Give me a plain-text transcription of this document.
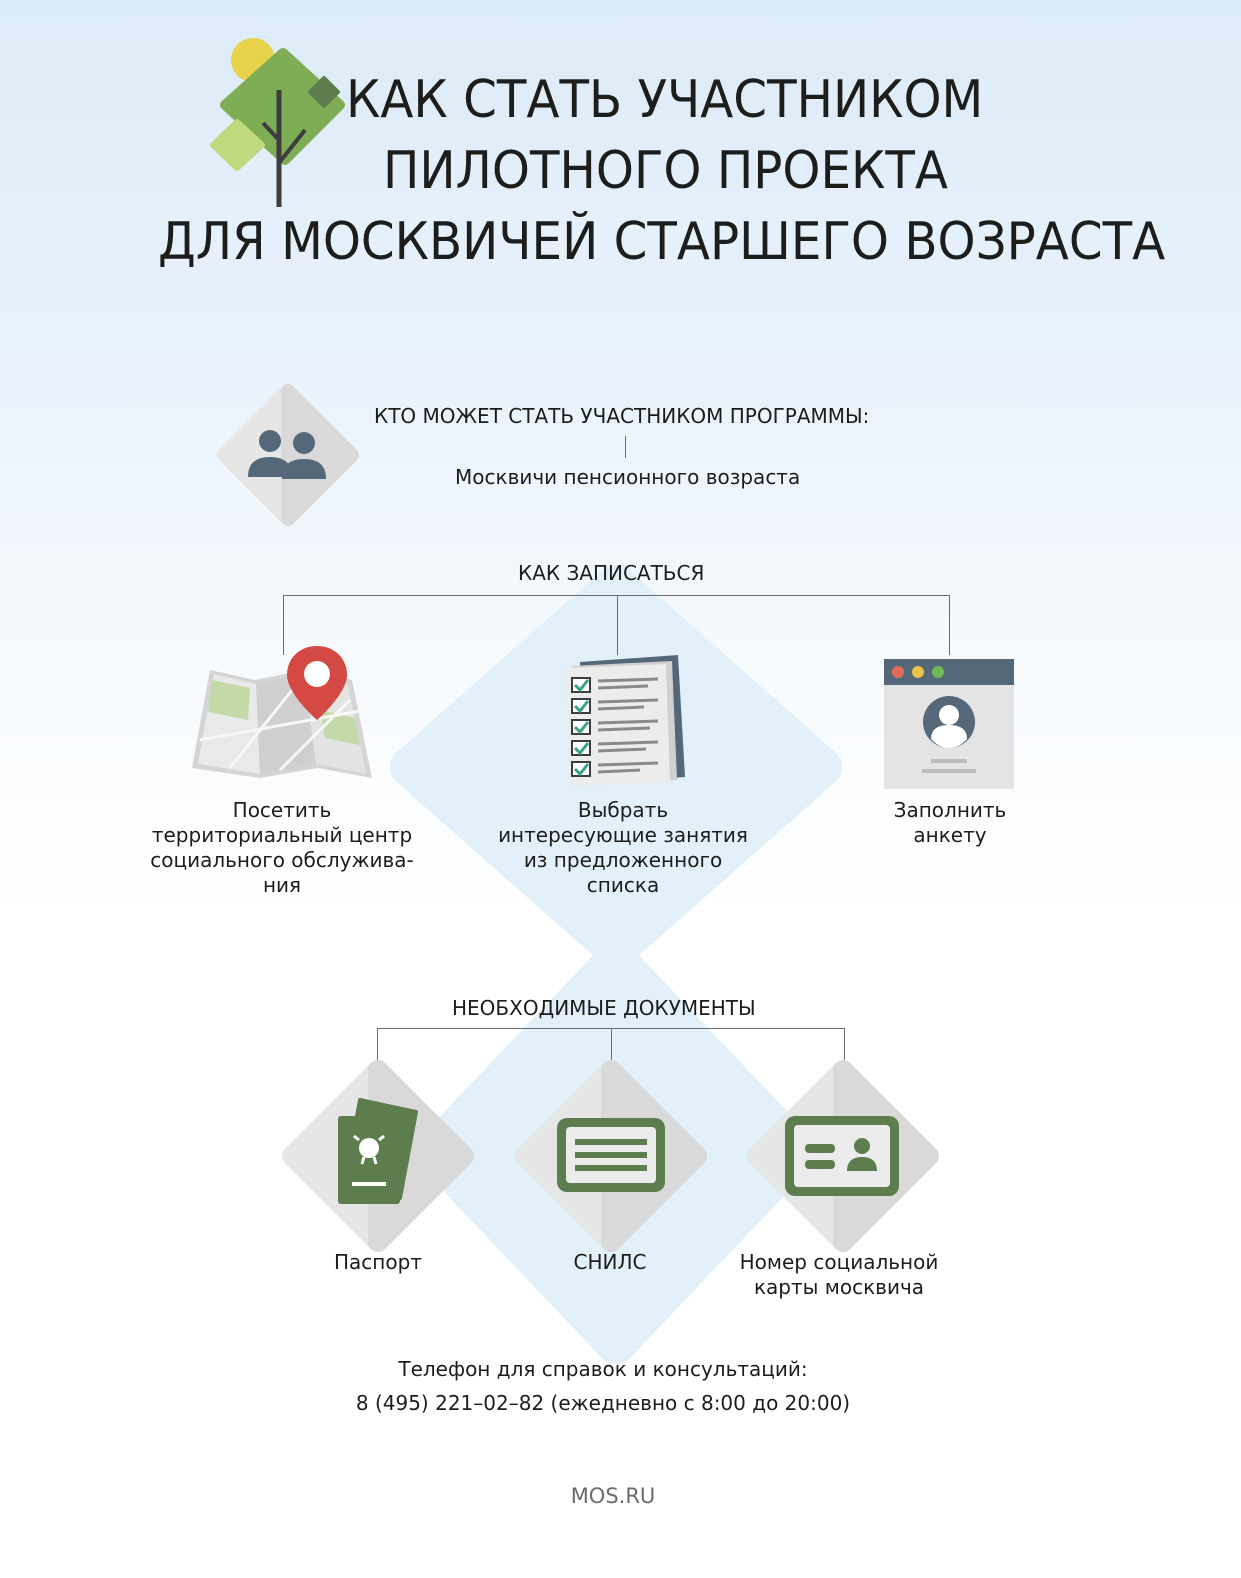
КАК СТАТЬ УЧАСТНИКОМ
ПИЛОТНОГО ПРОЕКТА
ДЛЯ МОСКВИЧЕЙ СТАРШЕГО ВОЗРАСТА
КТО МОЖЕТ СТАТЬ УЧАСТНИКОМ ПРОГРАММЫ:
Москвичи пенсионного возраста
КАК ЗАПИСАТЬСЯ
Посетить
территориальный центр
социального обслужива-
ния
Выбрать
интересующие занятия
из предложенного
списка
Заполнить
анкету
НЕОБХОДИМЫЕ ДОКУМЕНТЫ
Паспорт	СНИЛС	Номер социальной
карты москвича
Телефон для справок и консультаций:
8 (495) 221–02–82 (ежедневно с 8:00 до 20:00)
MOS.RU
